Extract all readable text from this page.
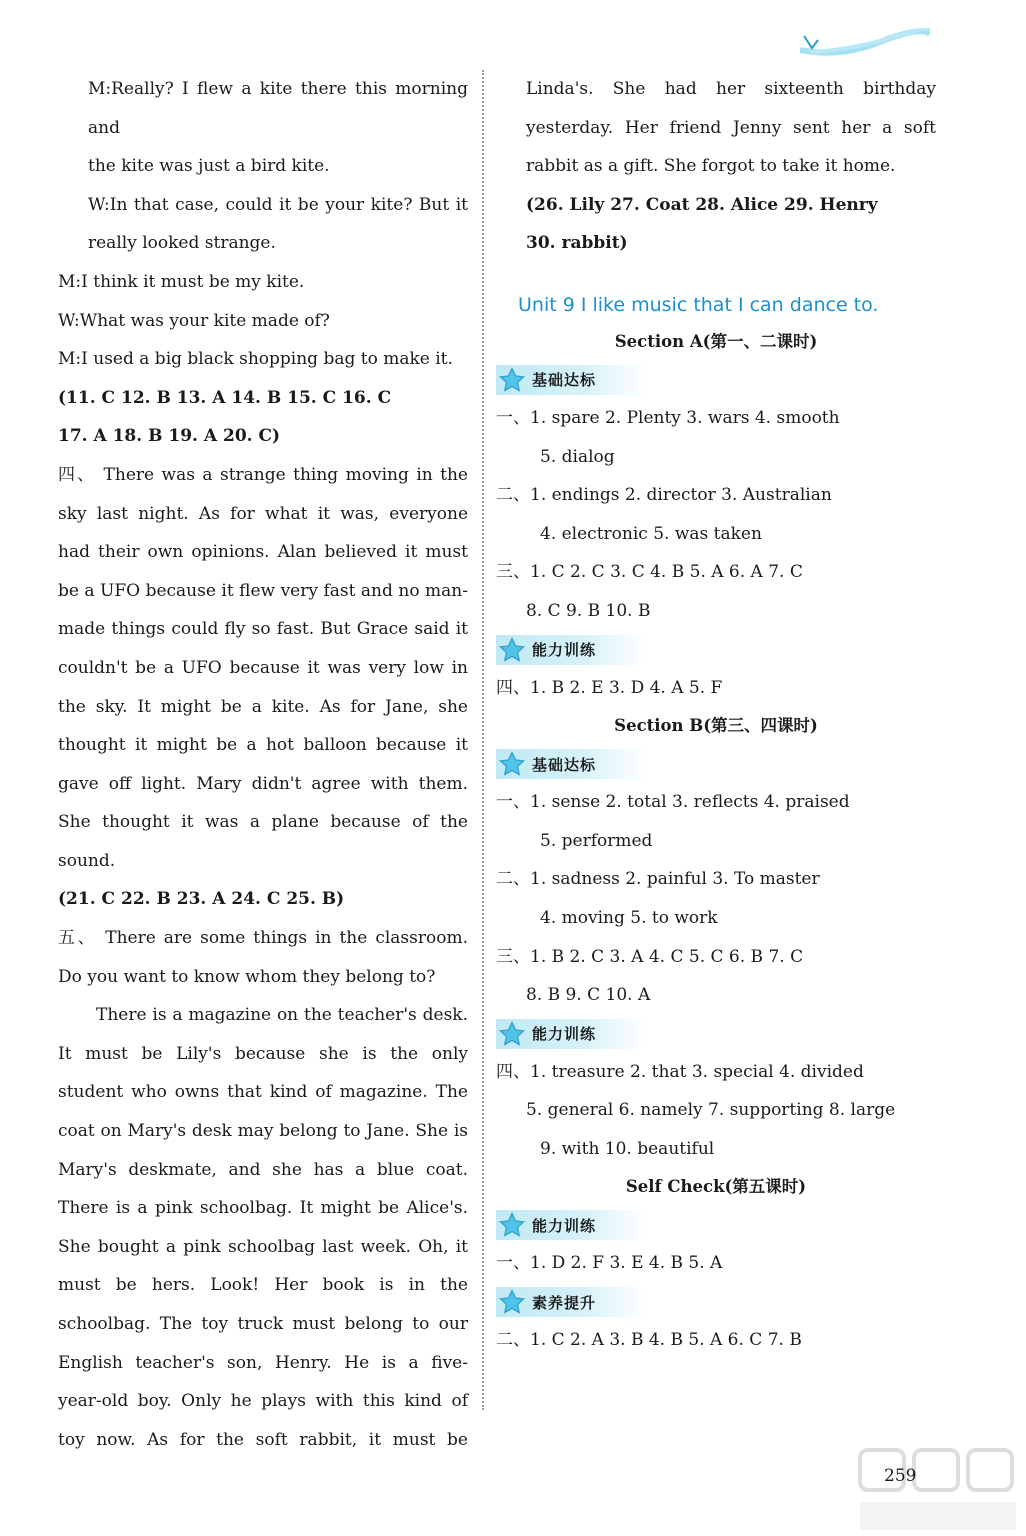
M:Really? I flew a kite there this morning and
the kite was just a bird kite.
W:In that case, could it be your kite? But it
really looked strange.
M:I think it must be my kite.
W:What was your kite made of?
M:I used a big black shopping bag to make it.
(11. C 12. B 13. A 14. B 15. C 16. C
17. A 18. B 19. A 20. C)
四、 There was a strange thing moving in the
sky last night. As for what it was, everyone
had their own opinions. Alan believed it must
be a UFO because it flew very fast and no man-
made things could fly so fast. But Grace said it
couldn't be a UFO because it was very low in
the sky. It might be a kite. As for Jane, she
thought it might be a hot balloon because it
gave off light. Mary didn't agree with them.
She thought it was a plane because of the
sound.
(21. C 22. B 23. A 24. C 25. B)
五、 There are some things in the classroom.
Do you want to know whom they belong to?
There is a magazine on the teacher's desk.
It must be Lily's because she is the only
student who owns that kind of magazine. The
coat on Mary's desk may belong to Jane. She is
Mary's deskmate, and she has a blue coat.
There is a pink schoolbag. It might be Alice's.
She bought a pink schoolbag last week. Oh, it
must be hers. Look! Her book is in the
schoolbag. The toy truck must belong to our
English teacher's son, Henry. He is a five-
year-old boy. Only he plays with this kind of
toy now. As for the soft rabbit, it must be
Linda's. She had her sixteenth birthday
yesterday. Her friend Jenny sent her a soft
rabbit as a gift. She forgot to take it home.
(26. Lily 27. Coat 28. Alice 29. Henry
30. rabbit)
Unit 9 I like music that I can dance to.
Section A(第一、二课时)
基础达标
一、1. spare 2. Plenty 3. wars 4. smooth
5. dialog
二、1. endings 2. director 3. Australian
4. electronic 5. was taken
三、1. C 2. C 3. C 4. B 5. A 6. A 7. C
8. C 9. B 10. B
能力训练
四、1. B 2. E 3. D 4. A 5. F
Section B(第三、四课时)
基础达标
一、1. sense 2. total 3. reflects 4. praised
5. performed
二、1. sadness 2. painful 3. To master
4. moving 5. to work
三、1. B 2. C 3. A 4. C 5. C 6. B 7. C
8. B 9. C 10. A
能力训练
四、1. treasure 2. that 3. special 4. divided
5. general 6. namely 7. supporting 8. large
9. with 10. beautiful
Self Check(第五课时)
能力训练
一、1. D 2. F 3. E 4. B 5. A
素养提升
二、1. C 2. A 3. B 4. B 5. A 6. C 7. B
259
